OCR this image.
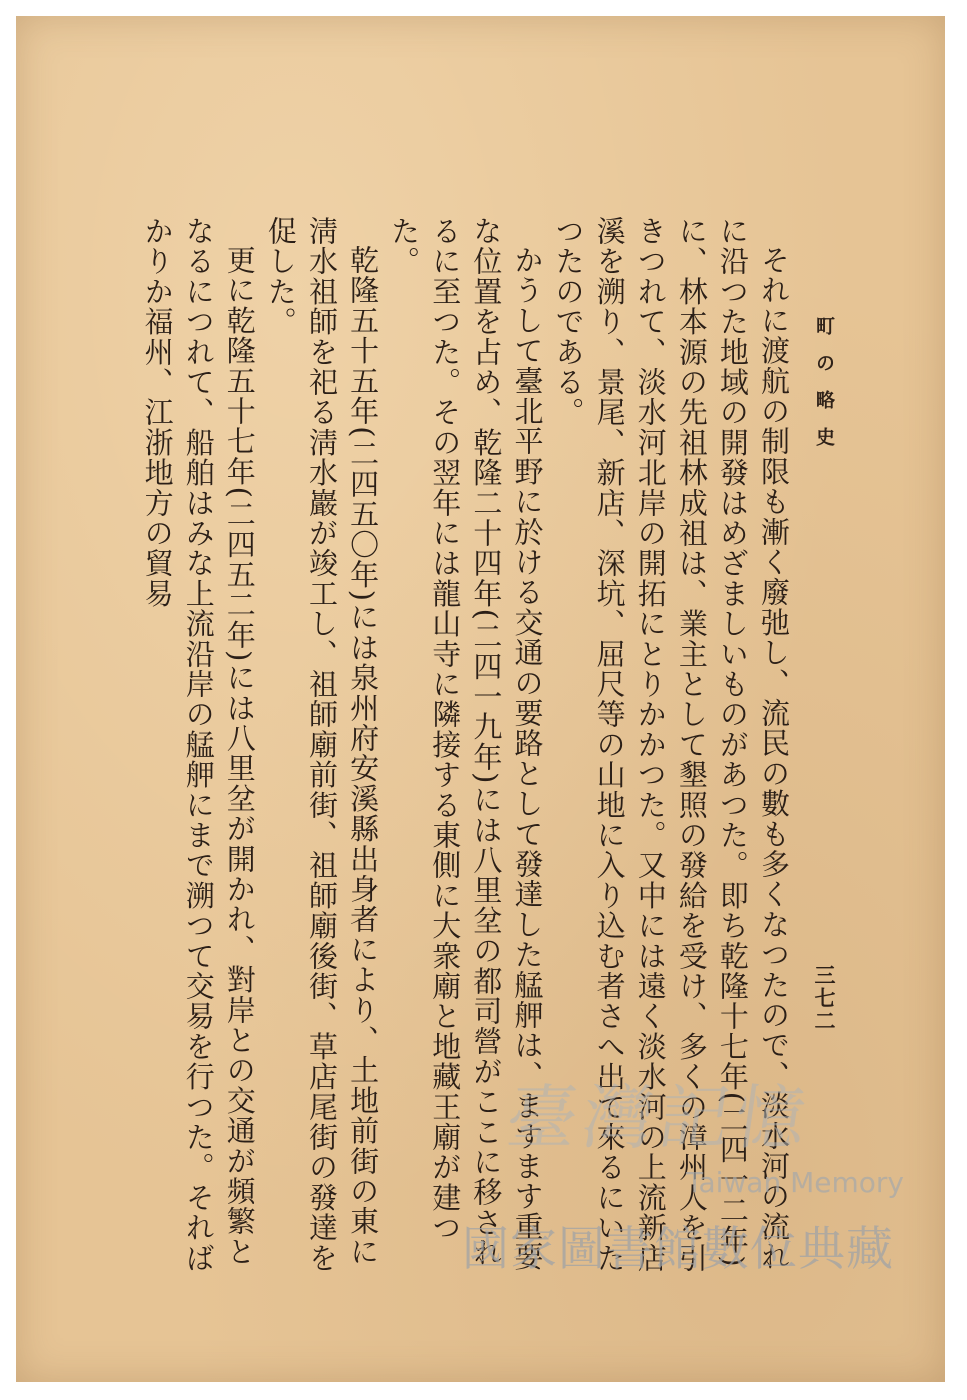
町の略史
三七二

それに渡航の制限も漸く廢弛し、流民の數も多くなつたので、淡水河の流れに沿つた地域の開發はめざましいものがあつた。即ち乾隆十七年(二四一二年)に、林本源の先祖林成祖は、業主として墾照の發給を受け、多くの漳州人を引きつれて、淡水河北岸の開拓にとりかかつた。又中には遠く淡水河の上流新店溪を溯り、景尾、新店、深坑、屈尺等の山地に入り込む者さへ出て來るにいたつたのである。

かうして臺北平野に於ける交通の要路として發達した艋舺は、ますます重要な位置を占め、乾隆二十四年(二四一九年)には八里坌の都司營がここに移されるに至つた。その翌年には龍山寺に隣接する東側に大衆廟と地藏王廟が建つた。

乾隆五十五年(二四五〇年)には泉州府安溪縣出身者により、土地前街の東に淸水祖師を祀る淸水巖が竣工し、祖師廟前街、祖師廟後街、草店尾街の發達を促した。

更に乾隆五十七年(二四五二年)には八里坌が開かれ、對岸との交通が頻繁となるにつれて、船舶はみな上流沿岸の艋舺にまで溯つて交易を行つた。そればかりか福州、江浙地方の貿易

臺灣記憶
Taiwan Memory
國家圖書館數位典藏
